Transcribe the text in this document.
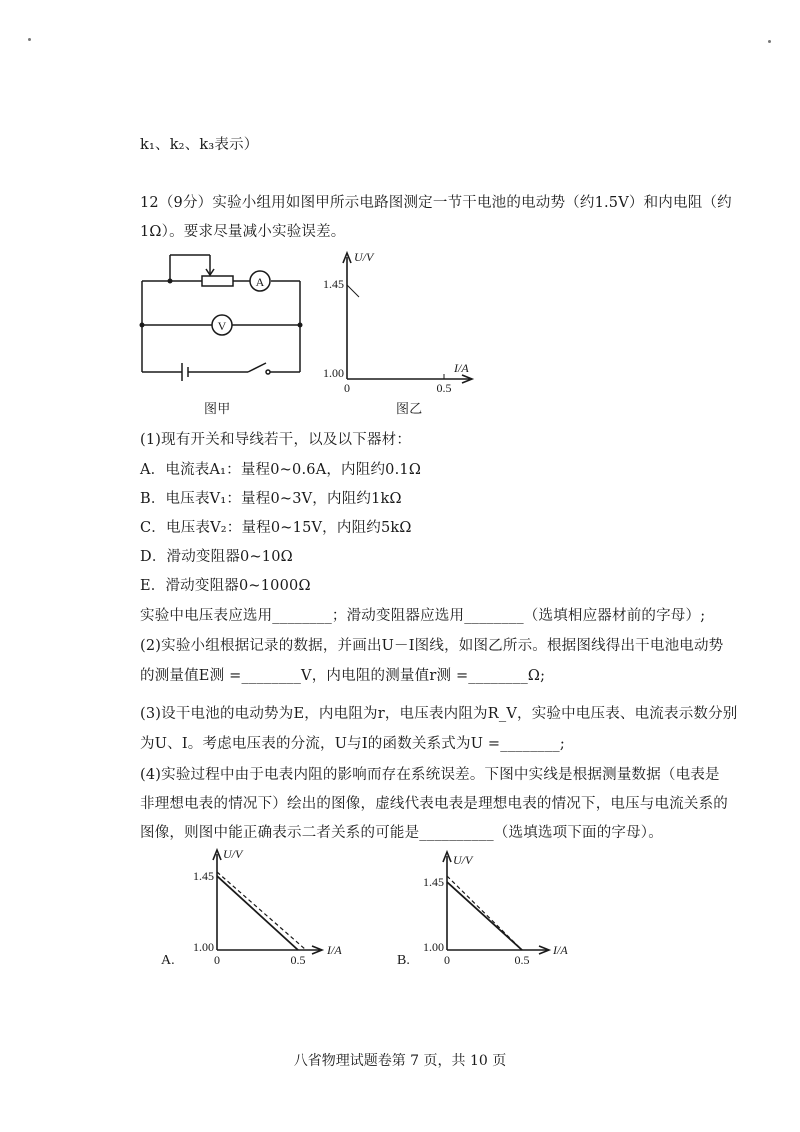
k₁、k₂、k₃表示）
12（9分）实验小组用如图甲所示电路图测定一节干电池的电动势（约1.5V）和内电阻（约
1Ω）。要求尽量减小实验误差。
A
V
图甲
U/V
I/A
1.45
1.00
0	0.5
图乙
(1)现有开关和导线若干，以及以下器材：
A．电流表A₁：量程0~0.6A，内阻约0.1Ω
B．电压表V₁：量程0~3V，内阻约1kΩ
C．电压表V₂：量程0~15V，内阻约5kΩ
D．滑动变阻器0~10Ω
E．滑动变阻器0~1000Ω
实验中电压表应选用________；滑动变阻器应选用________（选填相应器材前的字母）;
(2)实验小组根据记录的数据，并画出U－I图线，如图乙所示。根据图线得出干电池电动势
的测量值E测 =________V，内电阻的测量值r测 =________Ω;
(3)设干电池的电动势为E，内电阻为r，电压表内阻为R_V，实验中电压表、电流表示数分别
为U、I。考虑电压表的分流，U与I的函数关系式为U =________;
(4)实验过程中由于电表内阻的影响而存在系统误差。下图中实线是根据测量数据（电表是
非理想电表的情况下）绘出的图像，虚线代表电表是理想电表的情况下，电压与电流关系的
图像，则图中能正确表示二者关系的可能是__________（选填选项下面的字母）。
A.
U/V
I/A
1.45
1.00
0	0.5	B.
U/V
I/A
1.45
1.00
0	0.5
八省物理试题卷第 7 页，共 10 页
